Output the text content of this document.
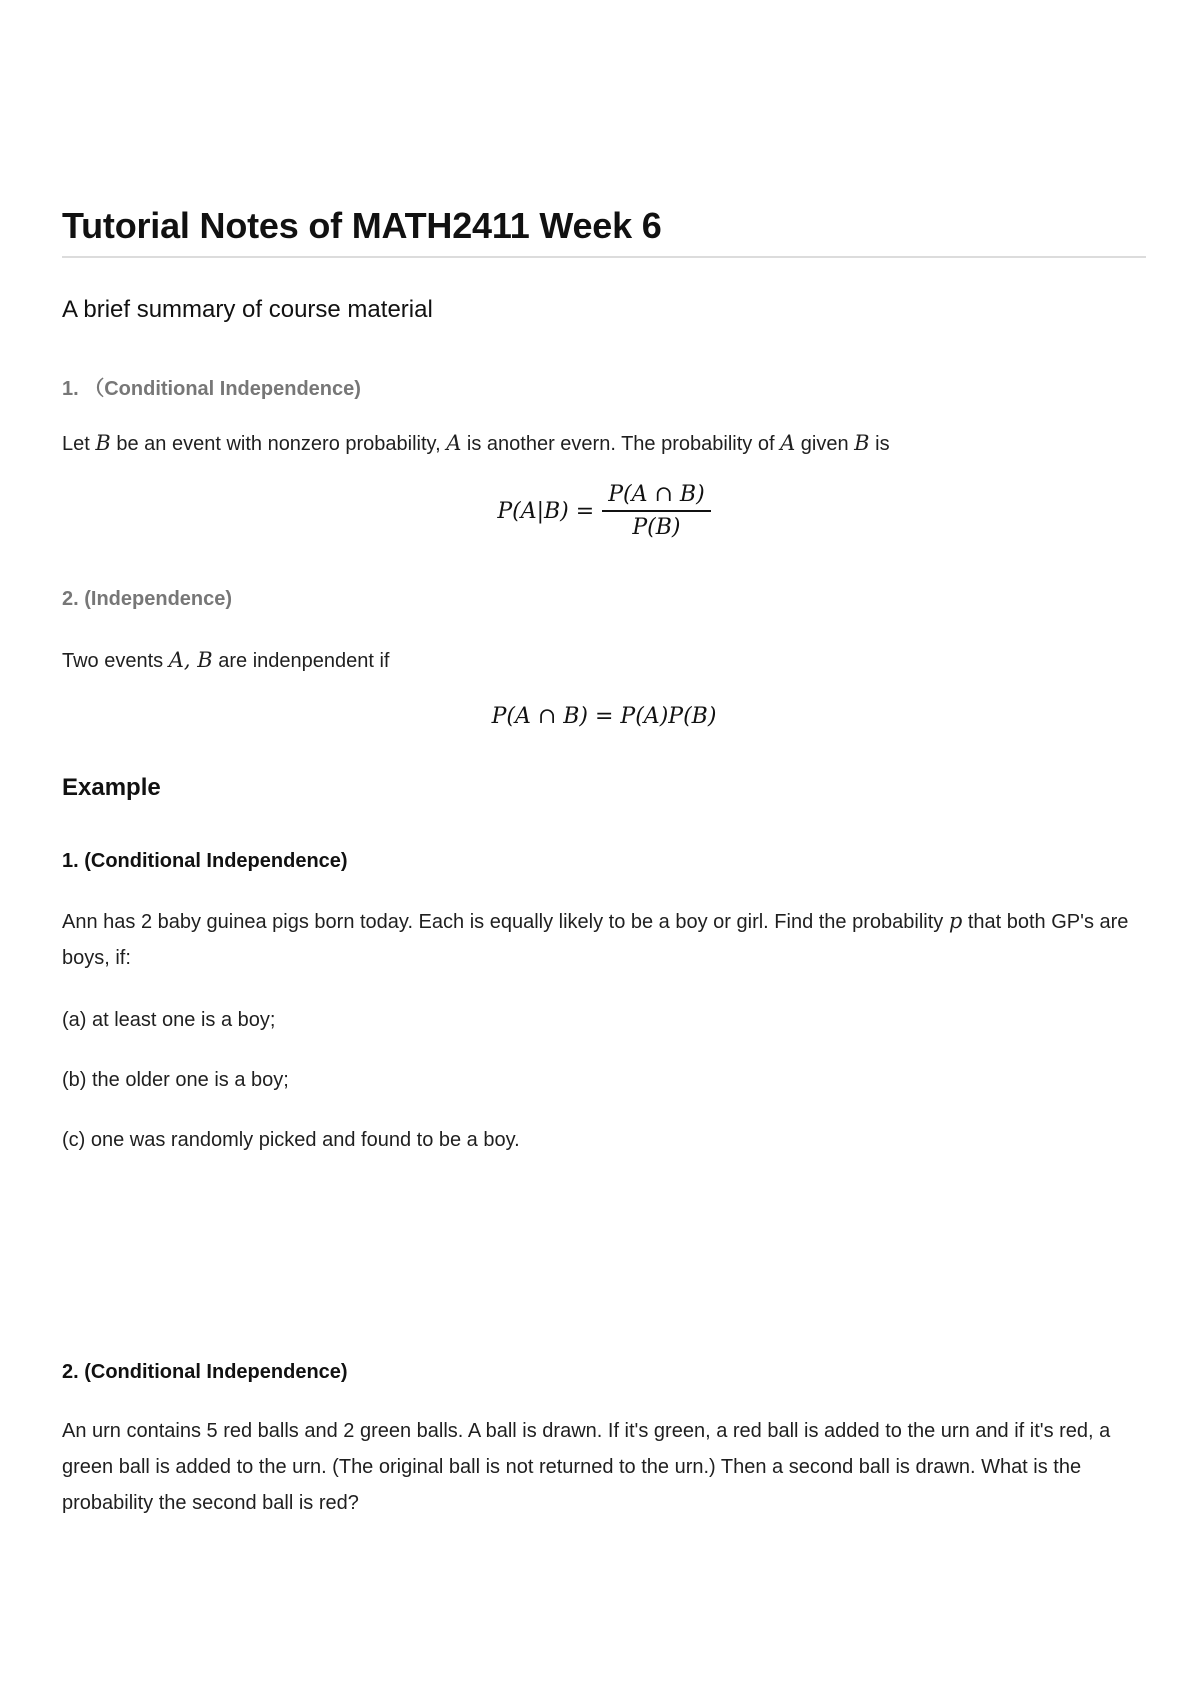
Tutorial Notes of MATH2411 Week 6
A brief summary of course material
1. （Conditional Independence)

Let B be an event with nonzero probability, A is another evern. The probability of A given B is

$P(A|B) = \frac{P(A \cap B)}{P(B)}$
2. (Independence)

Two events A, B are indenpendent if

P(A ∩ B) = P(A)P(B)
Example
1. (Conditional Independence)

Ann has 2 baby guinea pigs born today. Each is equally likely to be a boy or girl. Find the probability p that both GP's are boys, if:

(a) at least one is a boy;

(b) the older one is a boy;

(c) one was randomly picked and found to be a boy.

2. (Conditional Independence)

An urn contains 5 red balls and 2 green balls. A ball is drawn. If it's green, a red ball is added to the urn and if it's red, a green ball is added to the urn. (The original ball is not returned to the urn.) Then a second ball is drawn. What is the probability the second ball is red?
